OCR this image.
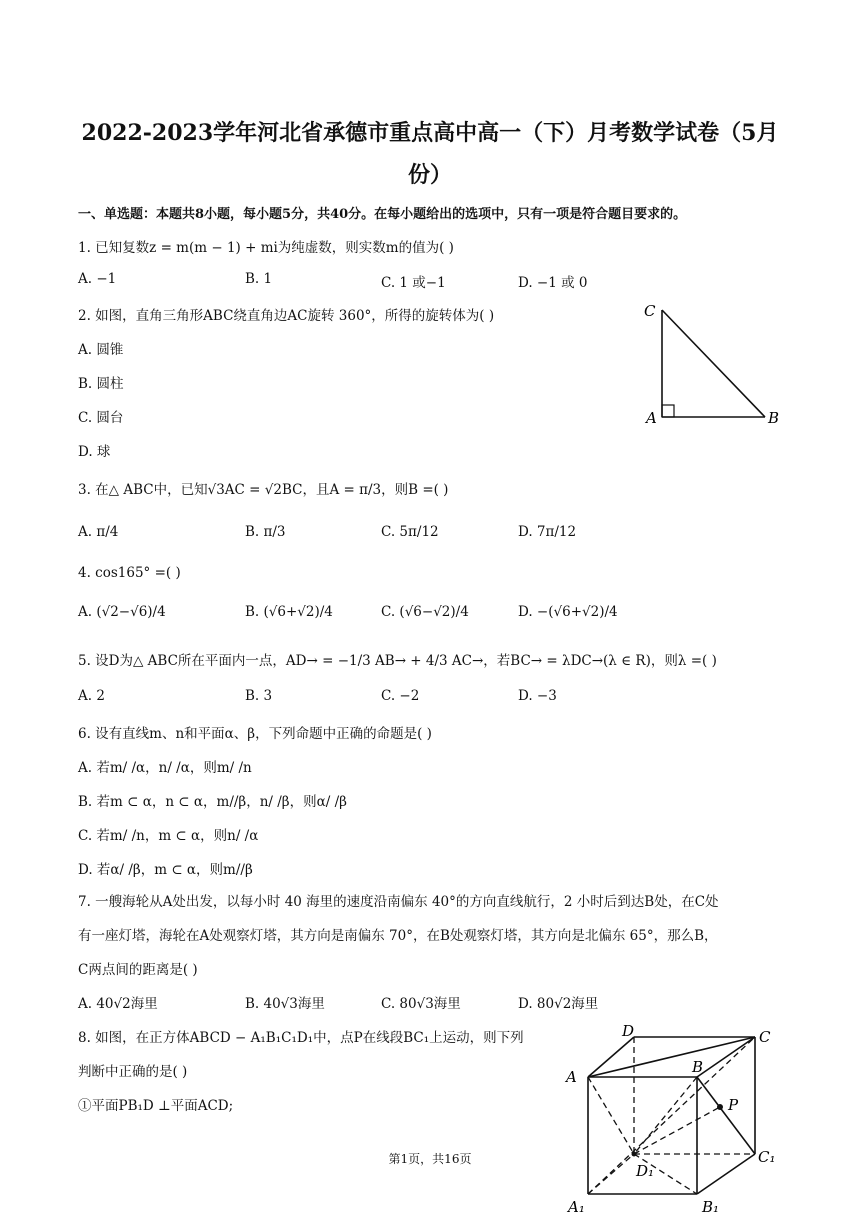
2022-2023学年河北省承德市重点高中高一（下）月考数学试卷（5月
份）
一、单选题：本题共8小题，每小题5分，共40分。在每小题给出的选项中，只有一项是符合题目要求的。
1. 已知复数z = m(m − 1) + mi为纯虚数，则实数m的值为( )
A. −1	B. 1	C. 1 或−1	D. −1 或 0
2. 如图，直角三角形ABC绕直角边AC旋转 360°，所得的旋转体为( )
A. 圆锥
B. 圆柱
C. 圆台
D. 球
C
A	B
3. 在△ ABC中，已知√3AC = √2BC，且A = π/3，则B =( )
A. π/4	B. π/3	C. 5π/12	D. 7π/12
4. cos165° =( )
A. (√2−√6)/4	B. (√6+√2)/4	C. (√6−√2)/4	D. −(√6+√2)/4
5. 设D为△ ABC所在平面内一点，AD→ = −1/3 AB→ + 4/3 AC→，若BC→ = λDC→(λ ∈ R)，则λ =( )
A. 2	B. 3	C. −2	D. −3
6. 设有直线m、n和平面α、β，下列命题中正确的命题是( )
A. 若m/ /α，n/ /α，则m/ /n
B. 若m ⊂ α，n ⊂ α，m//β，n/ /β，则α/ /β
C. 若m/ /n，m ⊂ α，则n/ /α
D. 若α/ /β，m ⊂ α，则m//β
7. 一艘海轮从A处出发，以每小时 40 海里的速度沿南偏东 40°的方向直线航行，2 小时后到达B处，在C处
有一座灯塔，海轮在A处观察灯塔，其方向是南偏东 70°，在B处观察灯塔，其方向是北偏东 65°，那么B，
C两点间的距离是( )
A. 40√2海里	B. 40√3海里	C. 80√3海里	D. 80√2海里
8. 如图，在正方体ABCD − A₁B₁C₁D₁中，点P在线段BC₁上运动，则下列
判断中正确的是( )
①平面PB₁D ⊥平面ACD;
D	C
A
B
P
D₁
C₁
A₁	B₁
第1页，共16页
